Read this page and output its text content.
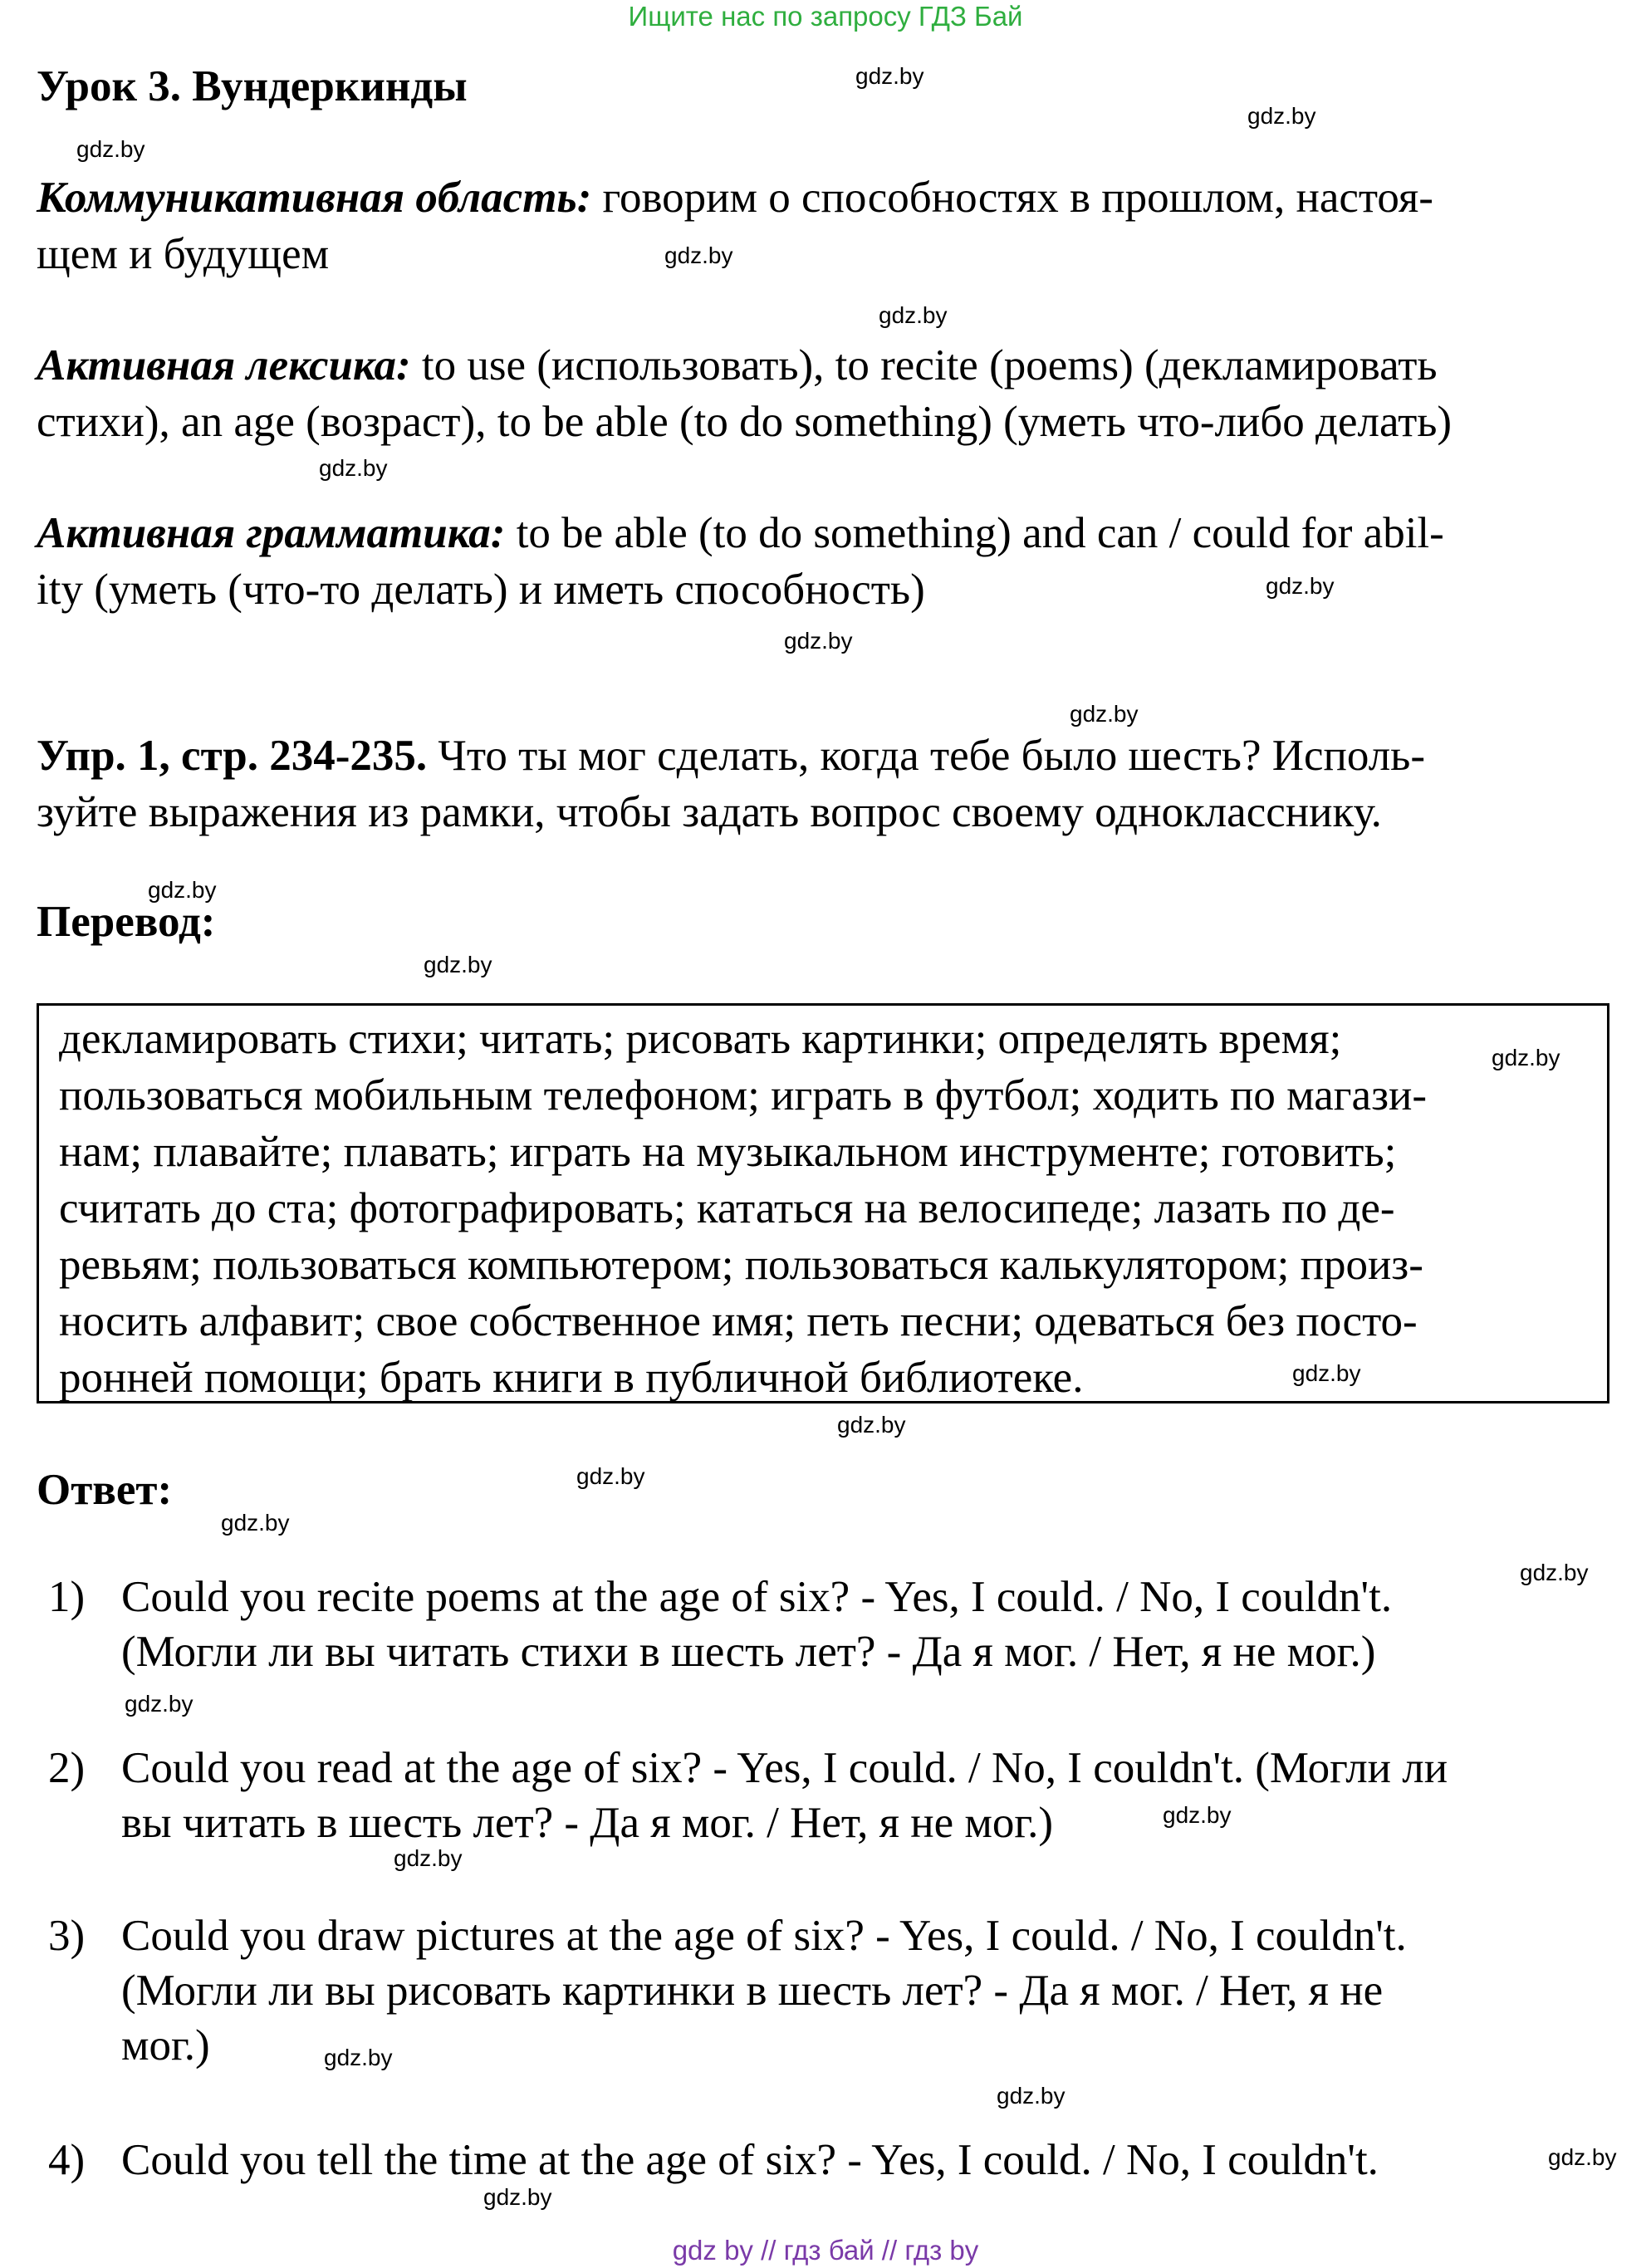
Ищите нас по запросу ГДЗ Бай
Урок 3. Вундеркинды
Коммуникативная область: говорим о способностях в прошлом, настоя-
щем и будущем
Активная лексика: to use (использовать), to recite (poems) (декламировать
стихи), an age (возраст), to be able (to do something) (уметь что-либо делать)
Активная грамматика: to be able (to do something) and can / could for abil-
ity (уметь (что-то делать) и иметь способность)
Упр. 1, стр. 234-235. Что ты мог сделать, когда тебе было шесть? Исполь-
зуйте выражения из рамки, чтобы задать вопрос своему однокласснику.
Перевод:
декламировать стихи; читать; рисовать картинки; определять время;
пользоваться мобильным телефоном; играть в футбол; ходить по магази-
нам; плавайте; плавать; играть на музыкальном инструменте; готовить;
считать до ста; фотографировать; кататься на велосипеде; лазать по де-
ревьям; пользоваться компьютером; пользоваться калькулятором; произ-
носить алфавит; свое собственное имя; петь песни; одеваться без посто-
ронней помощи; брать книги в публичной библиотеке.
Ответ:
1) Could you recite poems at the age of six? - Yes, I could. / No, I couldn't.
(Могли ли вы читать стихи в шесть лет? - Да я мог. / Нет, я не мог.)
2) Could you read at the age of six? - Yes, I could. / No, I couldn't. (Могли ли
вы читать в шесть лет? - Да я мог. / Нет, я не мог.)
3) Could you draw pictures at the age of six? - Yes, I could. / No, I couldn't.
(Могли ли вы рисовать картинки в шесть лет? - Да я мог. / Нет, я не
мог.)
4) Could you tell the time at the age of six? - Yes, I could. / No, I couldn't.
gdz.by
gdz.by
gdz.by
gdz.by
gdz.by
gdz.by
gdz.by
gdz.by
gdz.by
gdz.by
gdz.by
gdz.by
gdz.by
gdz.by
gdz.by
gdz.by
gdz.by
gdz.by
gdz.by
gdz.by
gdz.by
gdz.by
gdz.by
gdz.by
gdz by // гдз бай // гдз by
